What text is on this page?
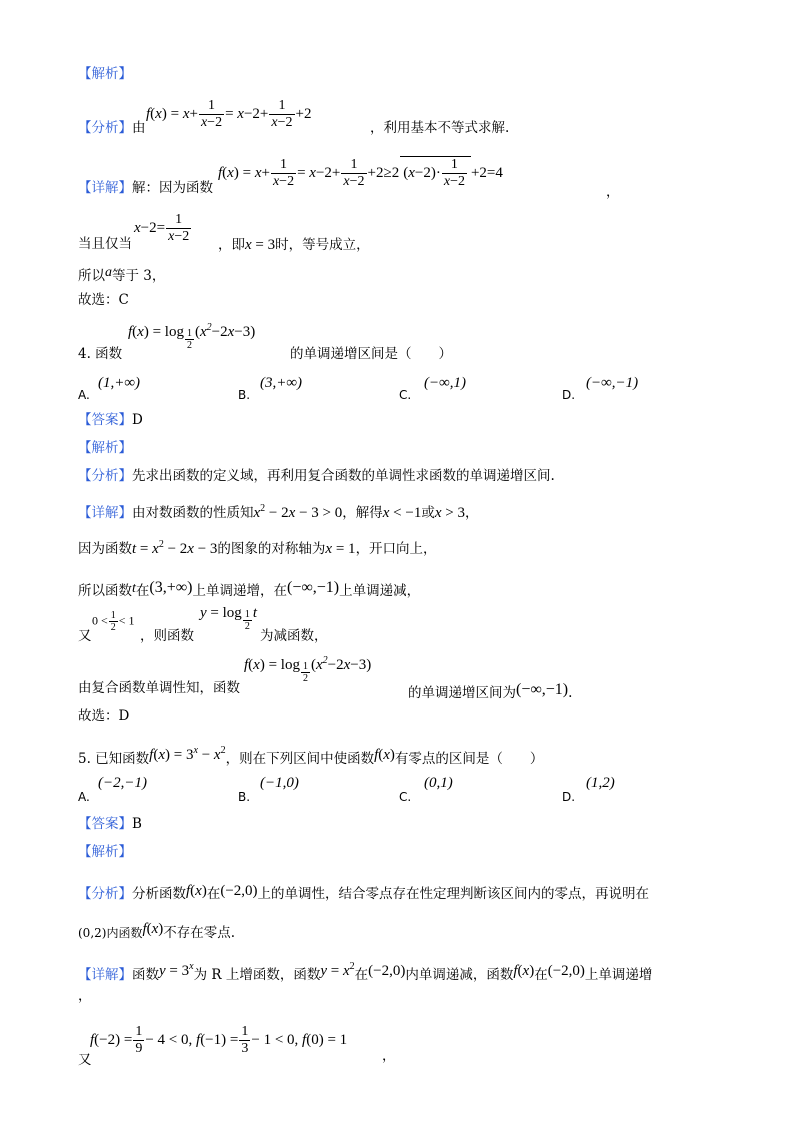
【解析】
【分析】由
$f(x) = x+ \frac{1}{x-2} = x-2+ \frac{1}{x-2} +2$
，利用基本不等式求解.
【详解】解：因为函数
$f(x) = x+ \frac{1}{x-2} = x-2+ \frac{1}{x-2} +2\ge 2$ $(x-2)\cdot \frac{1}{x-2} +2=4$
，
当且仅当
$x-2= \frac{1}{x-2}$ ，即x = 3时，等号成立，
所以a等于 3，
故选：C
4. 函数
f(x) = log $_{\frac{1}{2}}$ $(x^2-2x-3)$
的单调递增区间是（　　）
A.
(1,+∞)
B.
(3,+∞)
C.
(−∞,1)
D.
(−∞,−1)
【答案】D
【解析】
【分析】先求出函数的定义域，再利用复合函数的单调性求函数的单调递增区间.
【详解】由对数函数的性质知$x^2 - 2x - 3 > 0$，解得x < −1或x > 3，
因为函数$t = x^2 - 2x - 3$的图象的对称轴为x = 1，开口向上，
所以函数t在(3,+∞)上单调递增，在(−∞,−1)上单调递减，
又
$0 < \frac{1}{2} < 1$
，则函数
y = log $_{\frac{1}{2}}$ t
为减函数，
由复合函数单调性知，函数
f(x) = log $_{\frac{1}{2}}$ $(x^2-2x-3)$
的单调递增区间为(−∞,−1).
故选：D
5. 已知函数$f(x) = 3^x - x^2$，则在下列区间中使函数f(x)有零点的区间是（　　）
A.
(−2,−1)
B.
(−1,0)
C.
(0,1)
D.
(1,2)
【答案】B
【解析】
【分析】分析函数f(x)在(−2,0)上的单调性，结合零点存在性定理判断该区间内的零点，再说明在
(0,2)内函数f(x)不存在零点.
【详解】函数$y = 3^x$为 R 上增函数，函数$y = x^2$在(−2,0)内单调递减，函数f(x)在(−2,0)上单调递增
，
又
$f(-2) = \frac{1}{9} - 4 < 0$, $f(-1) = \frac{1}{3} - 1 < 0$, f(0) = 1
，
